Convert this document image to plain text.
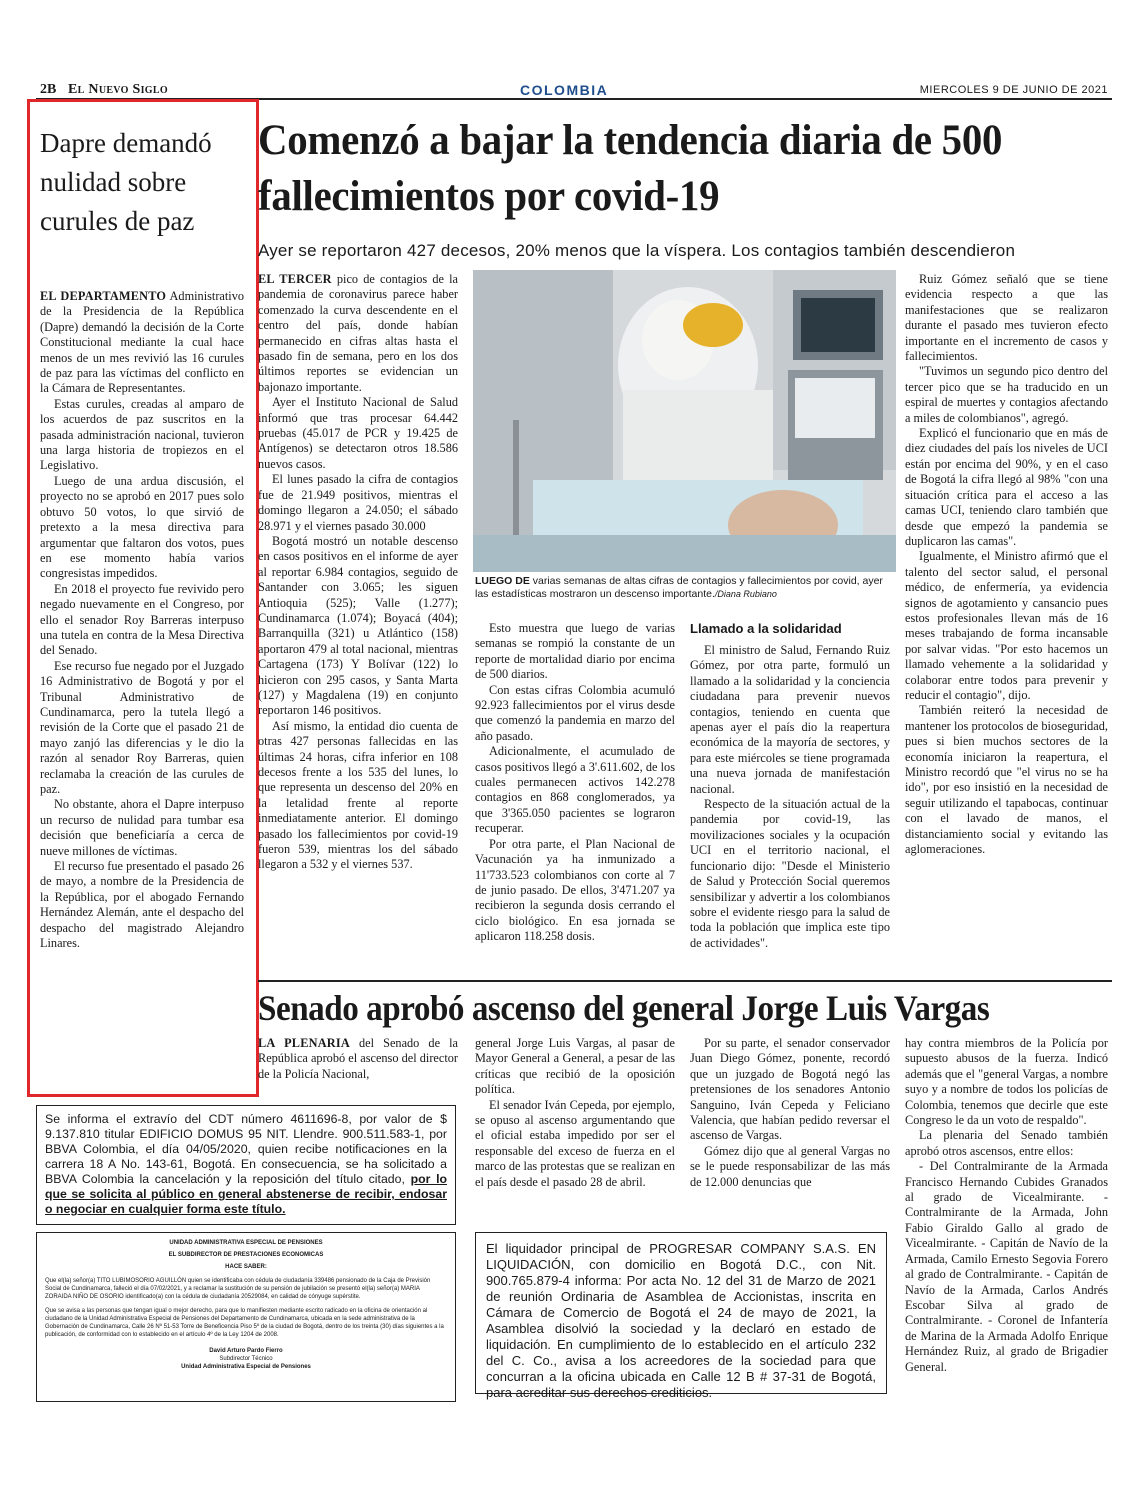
2B El Nuevo Siglo	COLOMBIA	MIERCOLES 9 DE JUNIO DE 2021
Dapre demandó nulidad sobre curules de paz

EL DEPARTAMENTO Administrativo de la Presidencia de la República (Dapre) demandó la decisión de la Corte Constitucional mediante la cual hace menos de un mes revivió las 16 curules de paz para las víctimas del conflicto en la Cámara de Representantes.

Estas curules, creadas al amparo de los acuerdos de paz suscritos en la pasada administración nacional, tuvieron una larga historia de tropiezos en el Legislativo.

Luego de una ardua discusión, el proyecto no se aprobó en 2017 pues solo obtuvo 50 votos, lo que sirvió de pretexto a la mesa directiva para argumentar que faltaron dos votos, pues en ese momento había varios congresistas impedidos.

En 2018 el proyecto fue revivido pero negado nuevamente en el Congreso, por ello el senador Roy Barreras interpuso una tutela en contra de la Mesa Directiva del Senado.

Ese recurso fue negado por el Juzgado 16 Administrativo de Bogotá y por el Tribunal Administrativo de Cundinamarca, pero la tutela llegó a revisión de la Corte que el pasado 21 de mayo zanjó las diferencias y le dio la razón al senador Roy Barreras, quien reclamaba la creación de las curules de paz.

No obstante, ahora el Dapre interpuso un recurso de nulidad para tumbar esa decisión que beneficiaría a cerca de nueve millones de víctimas.

El recurso fue presentado el pasado 26 de mayo, a nombre de la Presidencia de la República, por el abogado Fernando Hernández Alemán, ante el despacho del despacho del magistrado Alejandro Linares.

Comenzó a bajar la tendencia diaria de 500 fallecimientos por covid-19
Ayer se reportaron 427 decesos, 20% menos que la víspera. Los contagios también descendieron

EL TERCER pico de contagios de la pandemia de coronavirus parece haber comenzado la curva descendente en el centro del país, donde habían permanecido en cifras altas hasta el pasado fin de semana, pero en los dos últimos reportes se evidencian un bajonazo importante.

Ayer el Instituto Nacional de Salud informó que tras procesar 64.442 pruebas (45.017 de PCR y 19.425 de Antígenos) se detectaron otros 18.586 nuevos casos.

El lunes pasado la cifra de contagios fue de 21.949 positivos, mientras el domingo llegaron a 24.050; el sábado 28.971 y el viernes pasado 30.000

Bogotá mostró un notable descenso en casos positivos en el informe de ayer al reportar 6.984 contagios, seguido de Santander con 3.065; les siguen Antioquia (525); Valle (1.277); Cundinamarca (1.074); Boyacá (404); Barranquilla (321) u Atlántico (158) aportaron 479 al total nacional, mientras Cartagena (173) Y Bolívar (122) lo hicieron con 295 casos, y Santa Marta (127) y Magdalena (19) en conjunto reportaron 146 positivos.

Así mismo, la entidad dio cuenta de otras 427 personas fallecidas en las últimas 24 horas, cifra inferior en 108 decesos frente a los 535 del lunes, lo que representa un descenso del 20% en la letalidad frente al reporte inmediatamente anterior. El domingo pasado los fallecimientos por covid-19 fueron 539, mientras los del sábado llegaron a 532 y el viernes 537.

LUEGO DE varias semanas de altas cifras de contagios y fallecimientos por covid, ayer las estadísticas mostraron un descenso importante./Diana Rubiano

Esto muestra que luego de varias semanas se rompió la constante de un reporte de mortalidad diario por encima de 500 diarios.

Con estas cifras Colombia acumuló 92.923 fallecimientos por el virus desde que comenzó la pandemia en marzo del año pasado.

Adicionalmente, el acumulado de casos positivos llegó a 3'.611.602, de los cuales permanecen activos 142.278 contagios en 868 conglomerados, ya que 3'365.050 pacientes se lograron recuperar.

Por otra parte, el Plan Nacional de Vacunación ya ha inmunizado a 11'733.523 colombianos con corte al 7 de junio pasado. De ellos, 3'471.207 ya recibieron la segunda dosis cerrando el ciclo biológico. En esa jornada se aplicaron 118.258 dosis.

Llamado a la solidaridad

El ministro de Salud, Fernando Ruiz Gómez, por otra parte, formuló un llamado a la solidaridad y la conciencia ciudadana para prevenir nuevos contagios, teniendo en cuenta que apenas ayer el país dio la reapertura económica de la mayoría de sectores, y para este miércoles se tiene programada una nueva jornada de manifestación nacional.

Respecto de la situación actual de la pandemia por covid-19, las movilizaciones sociales y la ocupación UCI en el territorio nacional, el funcionario dijo: "Desde el Ministerio de Salud y Protección Social queremos sensibilizar y advertir a los colombianos sobre el evidente riesgo para la salud de toda la población que implica este tipo de actividades".

Ruiz Gómez señaló que se tiene evidencia respecto a que las manifestaciones que se realizaron durante el pasado mes tuvieron efecto importante en el incremento de casos y fallecimientos.

"Tuvimos un segundo pico dentro del tercer pico que se ha traducido en un espiral de muertes y contagios afectando a miles de colombianos", agregó.

Explicó el funcionario que en más de diez ciudades del país los niveles de UCI están por encima del 90%, y en el caso de Bogotá la cifra llegó al 98% "con una situación crítica para el acceso a las camas UCI, teniendo claro también que desde que empezó la pandemia se duplicaron las camas".

Igualmente, el Ministro afirmó que el talento del sector salud, el personal médico, de enfermería, ya evidencia signos de agotamiento y cansancio pues estos profesionales llevan más de 16 meses trabajando de forma incansable por salvar vidas. "Por esto hacemos un llamado vehemente a la solidaridad y colaborar entre todos para prevenir y reducir el contagio", dijo.

También reiteró la necesidad de mantener los protocolos de bioseguridad, pues si bien muchos sectores de la economía iniciaron la reapertura, el Ministro recordó que "el virus no se ha ido", por eso insistió en la necesidad de seguir utilizando el tapabocas, continuar con el lavado de manos, el distanciamiento social y evitando las aglomeraciones.

Senado aprobó ascenso del general Jorge Luis Vargas

LA PLENARIA del Senado de la República aprobó el ascenso del director de la Policía Nacional,

general Jorge Luis Vargas, al pasar de Mayor General a General, a pesar de las críticas que recibió de la oposición política.

El senador Iván Cepeda, por ejemplo, se opuso al ascenso argumentando que el oficial estaba impedido por ser el responsable del exceso de fuerza en el marco de las protestas que se realizan en el país desde el pasado 28 de abril.

Por su parte, el senador conservador Juan Diego Gómez, ponente, recordó que un juzgado de Bogotá negó las pretensiones de los senadores Antonio Sanguino, Iván Cepeda y Feliciano Valencia, que habían pedido reversar el ascenso de Vargas.

Gómez dijo que al general Vargas no se le puede responsabilizar de las más de 12.000 denuncias que

hay contra miembros de la Policía por supuesto abusos de la fuerza. Indicó además que el "general Vargas, a nombre suyo y a nombre de todos los policías de Colombia, tenemos que decirle que este Congreso le da un voto de respaldo".

La plenaria del Senado también aprobó otros ascensos, entre ellos:

- Del Contralmirante de la Armada Francisco Hernando Cubides Granados al grado de Vicealmirante. - Contralmirante de la Armada, John Fabio Giraldo Gallo al grado de Vicealmirante. - Capitán de Navío de la Armada, Camilo Ernesto Segovia Forero al grado de Contralmirante. - Capitán de Navío de la Armada, Carlos Andrés Escobar Silva al grado de Contralmirante. - Coronel de Infantería de Marina de la Armada Adolfo Enrique Hernández Ruiz, al grado de Brigadier General.

Se informa el extravío del CDT número 4611696-8, por valor de $ 9.137.810 titular EDIFICIO DOMUS 95 NIT. Llendre. 900.511.583-1, por BBVA Colombia, el día 04/05/2020, quien recibe notificaciones en la carrera 18 A No. 143-61, Bogotá. En consecuencia, se ha solicitado a BBVA Colombia la cancelación y la reposición del título citado, por lo que se solicita al público en general abstenerse de recibir, endosar o negociar en cualquier forma este título.
UNIDAD ADMINISTRATIVA ESPECIAL DE PENSIONES
EL SUBDIRECTOR DE PRESTACIONES ECONOMICAS
HACE SABER:
Que el(la) señor(a) TITO LUBIMOSORIO AGUILLÓN quien se identificaba con cédula de ciudadanía 339486 pensionado de la Caja de Previsión Social de Cundinamarca, falleció el día 07/02/2021, y a reclamar la sustitución de su pensión de jubilación se presentó el(la) señor(a) MARIA ZORAIDA NIÑO DE OSORIO identificado(a) con la cédula de ciudadanía 20529084, en calidad de cónyuge supérstite.
Que se avisa a las personas que tengan igual o mejor derecho, para que lo manifiesten mediante escrito radicado en la oficina de orientación al ciudadano de la Unidad Administrativa Especial de Pensiones del Departamento de Cundinamarca, ubicada en la sede administrativa de la Gobernación de Cundinamarca, Calle 26 Nº 51-53 Torre de Beneficencia Piso 5º de la ciudad de Bogotá, dentro de los treinta (30) días siguientes a la publicación, de conformidad con lo establecido en el artículo 4º de la Ley 1204 de 2008.
David Arturo Pardo Fierro
Subdirector Técnico
Unidad Administrativa Especial de Pensiones
El liquidador principal de PROGRESAR COMPANY S.A.S. EN LIQUIDACIÓN, con domicilio en Bogotá D.C., con Nit. 900.765.879-4 informa: Por acta No. 12 del 31 de Marzo de 2021 de reunión Ordinaria de Asamblea de Accionistas, inscrita en Cámara de Comercio de Bogotá el 24 de mayo de 2021, la Asamblea disolvió la sociedad y la declaró en estado de liquidación. En cumplimiento de lo establecido en el artículo 232 del C. Co., avisa a los acreedores de la sociedad para que concurran a la oficina ubicada en Calle 12 B # 37-31 de Bogotá, para acreditar sus derechos crediticios.
